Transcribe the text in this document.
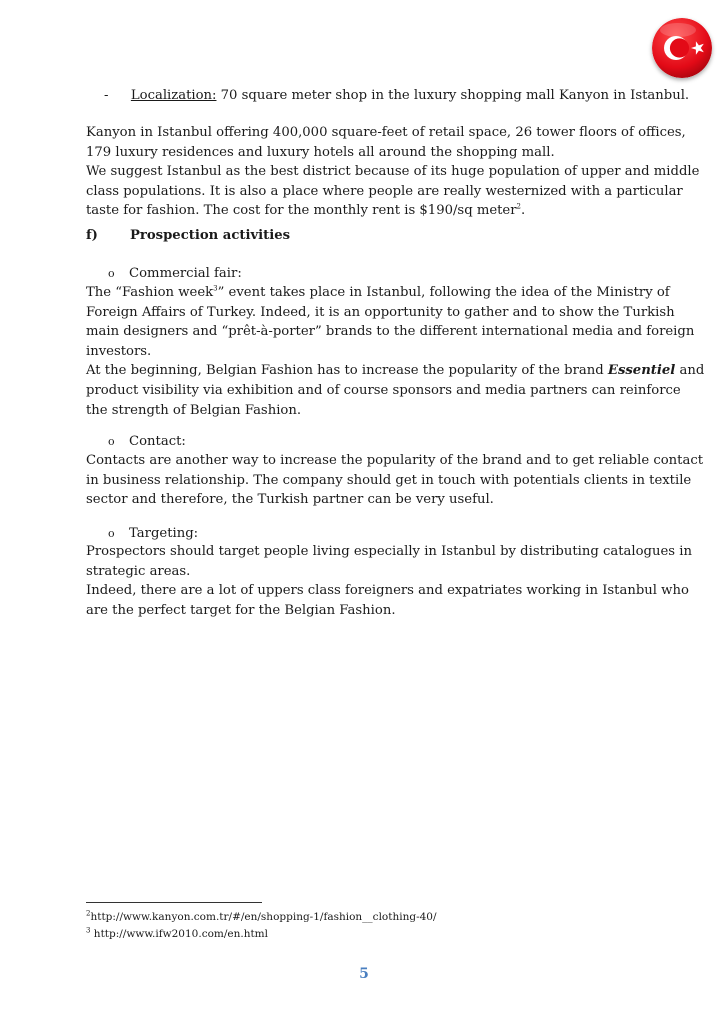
- Localization: 70 square meter shop in the luxury shopping mall Kanyon in Istanbul.
Kanyon in Istanbul offering 400,000 square-feet of retail space, 26 tower floors of offices,
179 luxury residences and luxury hotels all around the shopping mall.
We suggest Istanbul as the best district because of its huge population of upper and middle
class populations. It is also a place where people are really westernized with a particular
taste for fashion. The cost for the monthly rent is $190/sq meter$^2$.
f) Prospection activities
o Commercial fair:
The “Fashion week$^3$” event takes place in Istanbul, following the idea of the Ministry of
Foreign Affairs of Turkey. Indeed, it is an opportunity to gather and to show the Turkish
main designers and “prêt-à-porter” brands to the different international media and foreign
investors.
At the beginning, Belgian Fashion has to increase the popularity of the brand Essentiel and
product visibility via exhibition and of course sponsors and media partners can reinforce
the strength of Belgian Fashion.
o Contact:
Contacts are another way to increase the popularity of the brand and to get reliable contact
in business relationship. The company should get in touch with potentials clients in textile
sector and therefore, the Turkish partner can be very useful.
o Targeting:
Prospectors should target people living especially in Istanbul by distributing catalogues in
strategic areas.
Indeed, there are a lot of uppers class foreigners and expatriates working in Istanbul who
are the perfect target for the Belgian Fashion.
$^2$http://www.kanyon.com.tr/#/en/shopping-1/fashion__clothing-40/
$^3$ http://www.ifw2010.com/en.html
5
